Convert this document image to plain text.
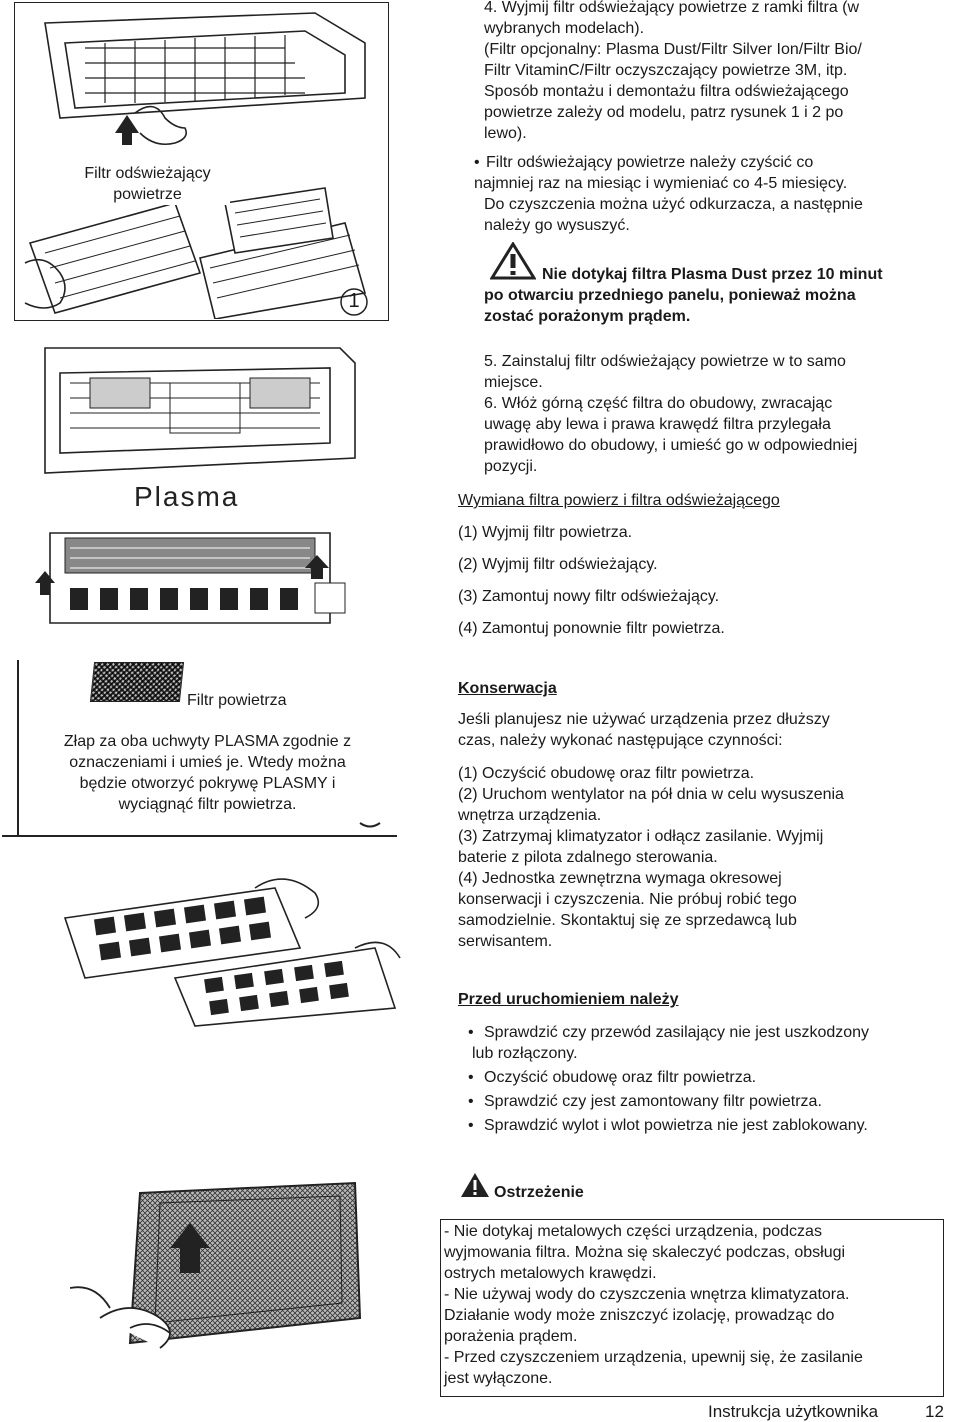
1
Filtr odświeżający powietrze
4. Wyjmij filtr odświeżający powietrze z ramki filtra (w
wybranych modelach).
(Filtr opcjonalny: Plasma Dust/Filtr Silver Ion/Filtr Bio/
Filtr VitaminC/Filtr oczyszczający powietrze 3M, itp.
Sposób montażu i demontażu filtra odświeżającego
powietrze zależy od modelu, patrz rysunek 1 i 2 po
lewo).
• Filtr odświeżający powietrze należy czyścić co
najmniej raz na miesiąc i wymieniać co 4-5 miesięcy.
Do czyszczenia można użyć odkurzacza, a następnie
należy go wysuszyć.
Nie dotykaj filtra Plasma Dust przez 10 minut
po otwarciu przedniego panelu, ponieważ można
zostać porażonym prądem.
Plasma
5. Zainstaluj filtr odświeżający powietrze w to samo
miejsce.
6. Włóż górną część filtra do obudowy, zwracając
uwagę aby lewa i prawa krawędź filtra przylegała
prawidłowo do obudowy, i umieść go w odpowiedniej
pozycji.
Wymiana filtra powierz i filtra odświeżającego
(1) Wyjmij filtr powietrza.
(2) Wyjmij filtr odświeżający.
(3) Zamontuj nowy filtr odświeżający.
(4) Zamontuj ponownie filtr powietrza.
Filtr powietrza
Złap za oba uchwyty PLASMA zgodnie z
oznaczeniami i umieś je. Wtedy można
będzie otworzyć pokrywę PLASMY i
wyciągnąć filtr powietrza.
Konserwacja
Jeśli planujesz nie używać urządzenia przez dłuższy
czas, należy wykonać następujące czynności:
(1) Oczyścić obudowę oraz filtr powietrza.
(2) Uruchom wentylator na pół dnia w celu wysuszenia
wnętrza urządzenia.
(3) Zatrzymaj klimatyzator i odłącz zasilanie. Wyjmij
baterie z pilota zdalnego sterowania.
(4) Jednostka zewnętrzna wymaga okresowej
konserwacji i czyszczenia. Nie próbuj robić tego
samodzielnie. Skontaktuj się ze sprzedawcą lub
serwisantem.
Przed uruchomieniem należy
• Sprawdzić czy przewód zasilający nie jest uszkodzony
lub rozłączony.
• Oczyścić obudowę oraz filtr powietrza.
• Sprawdzić czy jest zamontowany filtr powietrza.
• Sprawdzić wylot i wlot powietrza nie jest zablokowany.
Ostrzeżenie
- Nie dotykaj metalowych części urządzenia, podczas
wyjmowania filtra. Można się skaleczyć podczas, obsługi
ostrych metalowych krawędzi.
- Nie używaj wody do czyszczenia wnętrza klimatyzatora.
Działanie wody może zniszczyć izolację, prowadząc do
porażenia prądem.
- Przed czyszczeniem urządzenia, upewnij się, że zasilanie
jest wyłączone.
Instrukcja użytkownika	12
